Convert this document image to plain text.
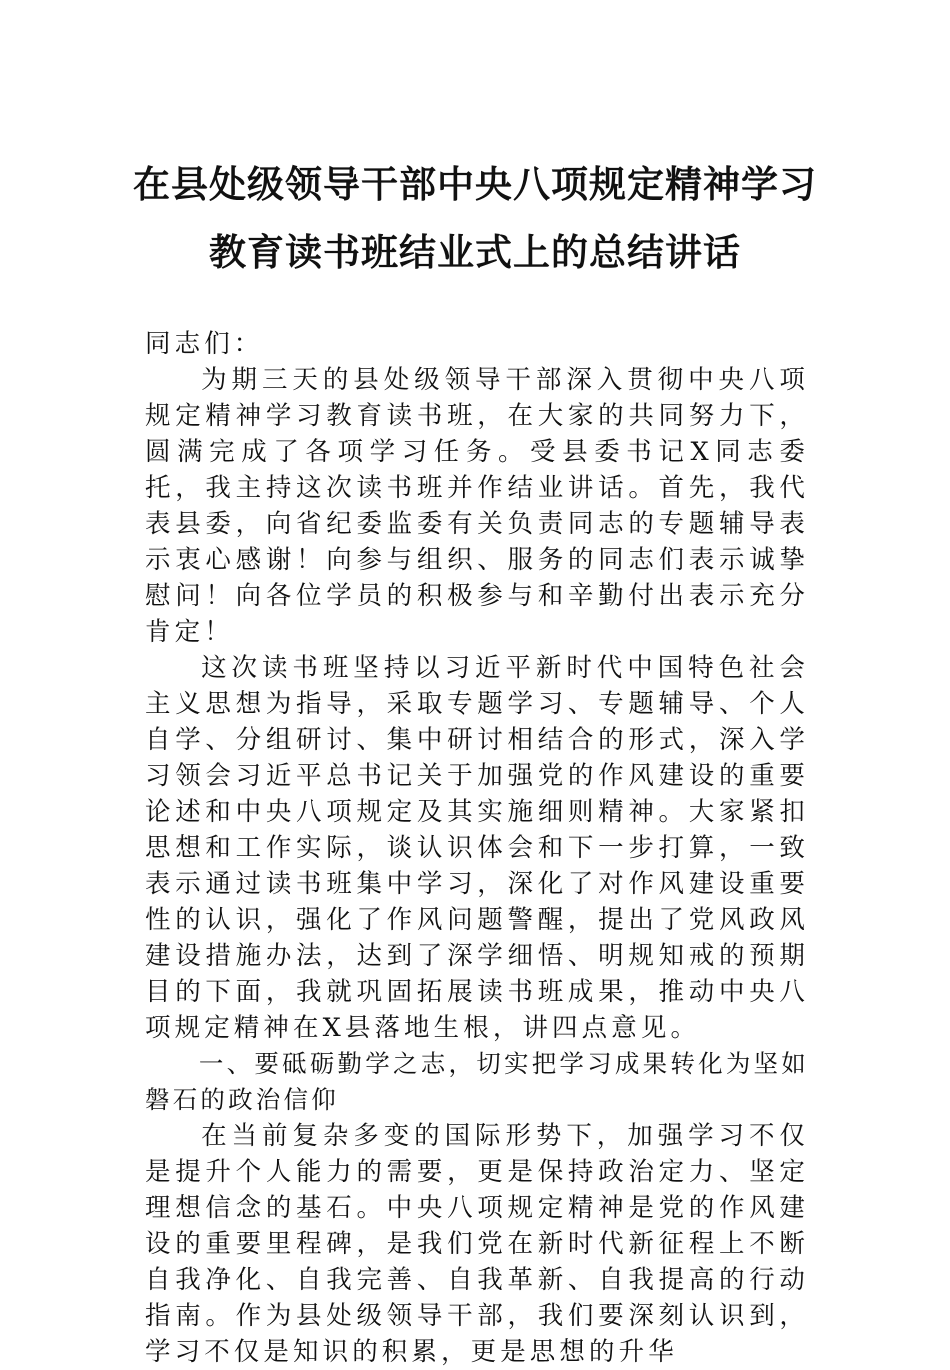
在县处级领导干部中央八项规定精神学习
教育读书班结业式上的总结讲话

同志们：

为期三天的县处级领导干部深入贯彻中央八项规定精神学习教育读书班，在大家的共同努力下，圆满完成了各项学习任务。受县委书记X同志委托，我主持这次读书班并作结业讲话。首先，我代表县委，向省纪委监委有关负责同志的专题辅导表示衷心感谢！向参与组织、服务的同志们表示诚挚慰问！向各位学员的积极参与和辛勤付出表示充分肯定！

这次读书班坚持以习近平新时代中国特色社会主义思想为指导，采取专题学习、专题辅导、个人自学、分组研讨、集中研讨相结合的形式，深入学习领会习近平总书记关于加强党的作风建设的重要论述和中央八项规定及其实施细则精神。大家紧扣思想和工作实际，谈认识体会和下一步打算，一致表示通过读书班集中学习，深化了对作风建设重要性的认识，强化了作风问题警醒，提出了党风政风建设措施办法，达到了深学细悟、明规知戒的预期目的下面，我就巩固拓展读书班成果，推动中央八项规定精神在X县落地生根，讲四点意见。

一、要砥砺勤学之志，切实把学习成果转化为坚如磐石的政治信仰

在当前复杂多变的国际形势下，加强学习不仅是提升个人能力的需要，更是保持政治定力、坚定理想信念的基石。中央八项规定精神是党的作风建设的重要里程碑，是我们党在新时代新征程上不断自我净化、自我完善、自我革新、自我提高的行动指南。作为县处级领导干部，我们要深刻认识到，学习不仅是知识的积累，更是思想的升华
